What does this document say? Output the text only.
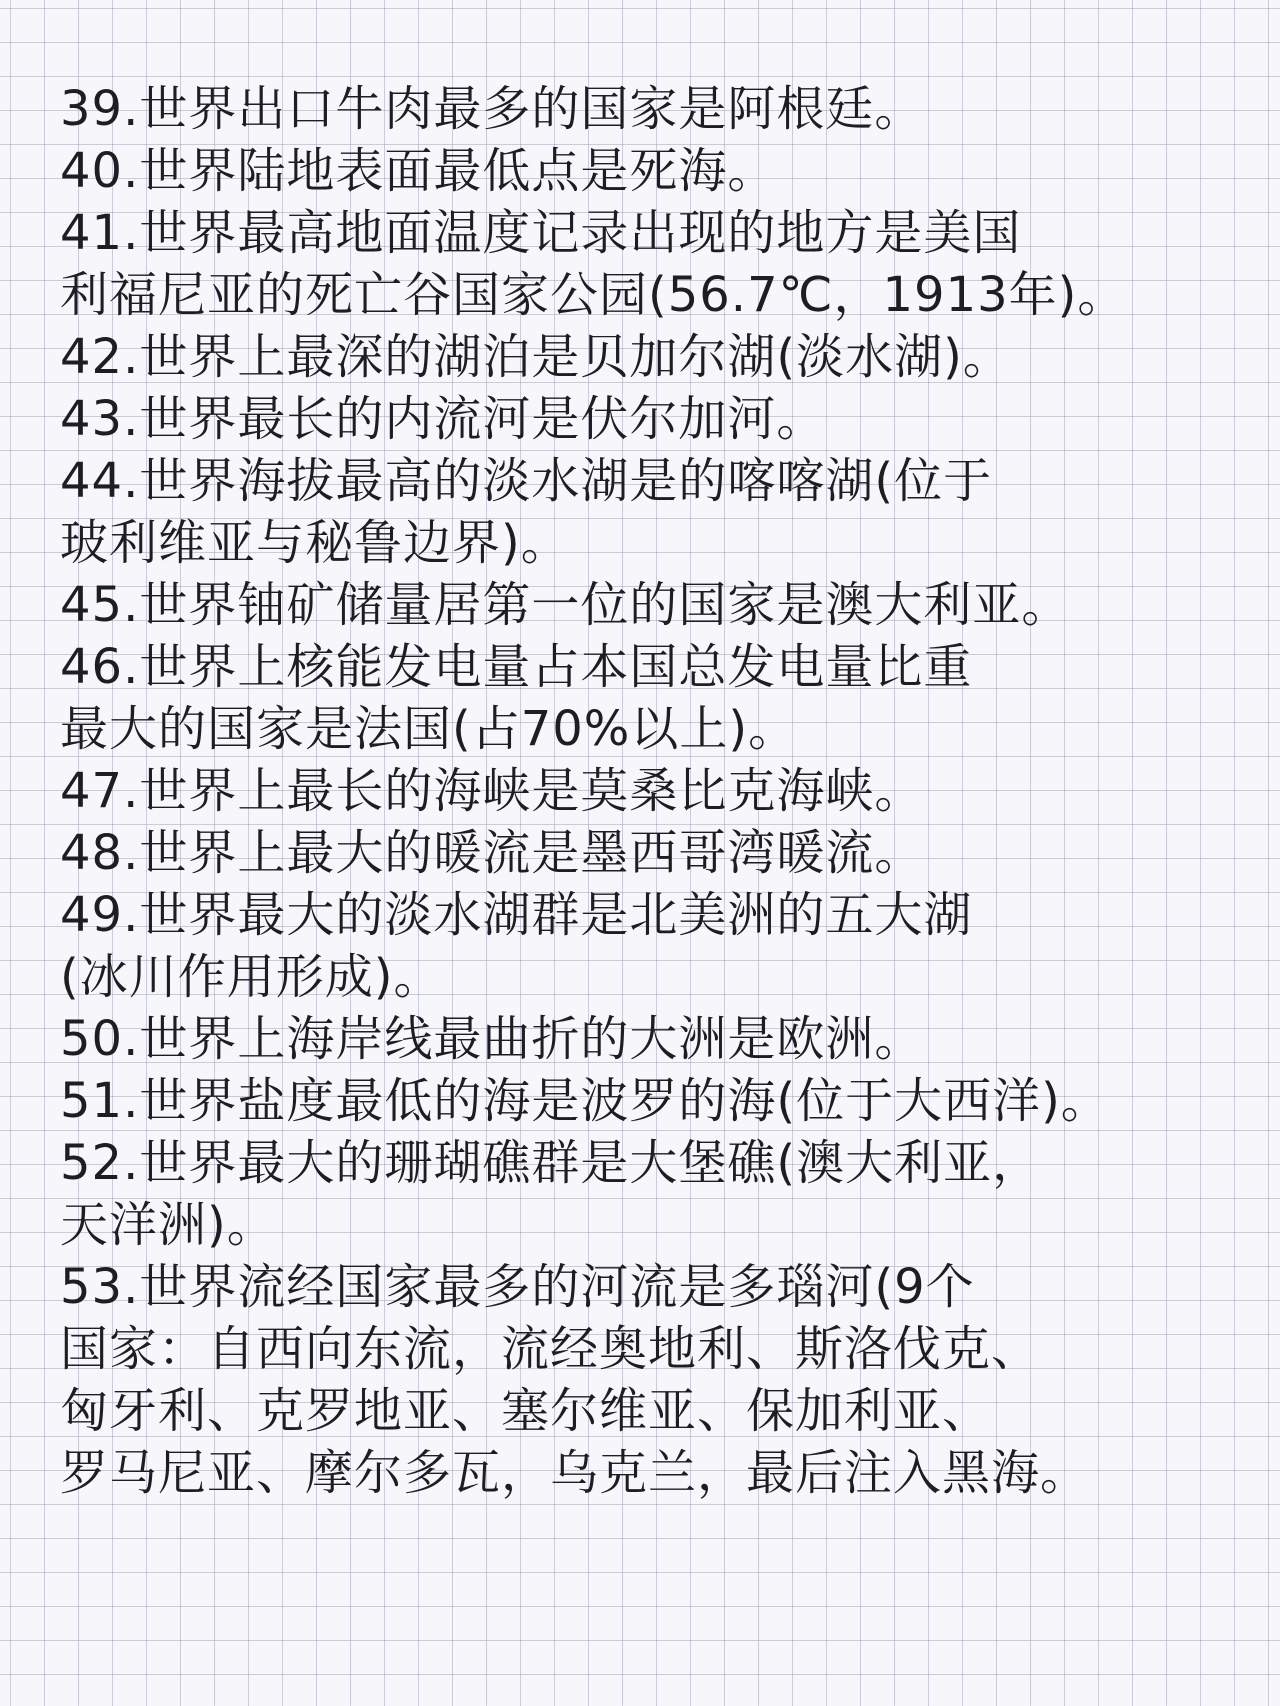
39.世界出口牛肉最多的国家是阿根廷。
40.世界陆地表面最低点是死海。
41.世界最高地面温度记录出现的地方是美国
利福尼亚的死亡谷国家公园(56.7℃，1913年)。
42.世界上最深的湖泊是贝加尔湖(淡水湖)。
43.世界最长的内流河是伏尔加河。
44.世界海拔最高的淡水湖是的喀喀湖(位于
玻利维亚与秘鲁边界)。
45.世界铀矿储量居第一位的国家是澳大利亚。
46.世界上核能发电量占本国总发电量比重
最大的国家是法国(占70%以上)。
47.世界上最长的海峡是莫桑比克海峡。
48.世界上最大的暖流是墨西哥湾暖流。
49.世界最大的淡水湖群是北美洲的五大湖
(冰川作用形成)。
50.世界上海岸线最曲折的大洲是欧洲。
51.世界盐度最低的海是波罗的海(位于大西洋)。
52.世界最大的珊瑚礁群是大堡礁(澳大利亚，
天洋洲)。
53.世界流经国家最多的河流是多瑙河(9个
国家：自西向东流，流经奥地利、斯洛伐克、
匈牙利、克罗地亚、塞尔维亚、保加利亚、
罗马尼亚、摩尔多瓦，乌克兰，最后注入黑海。
